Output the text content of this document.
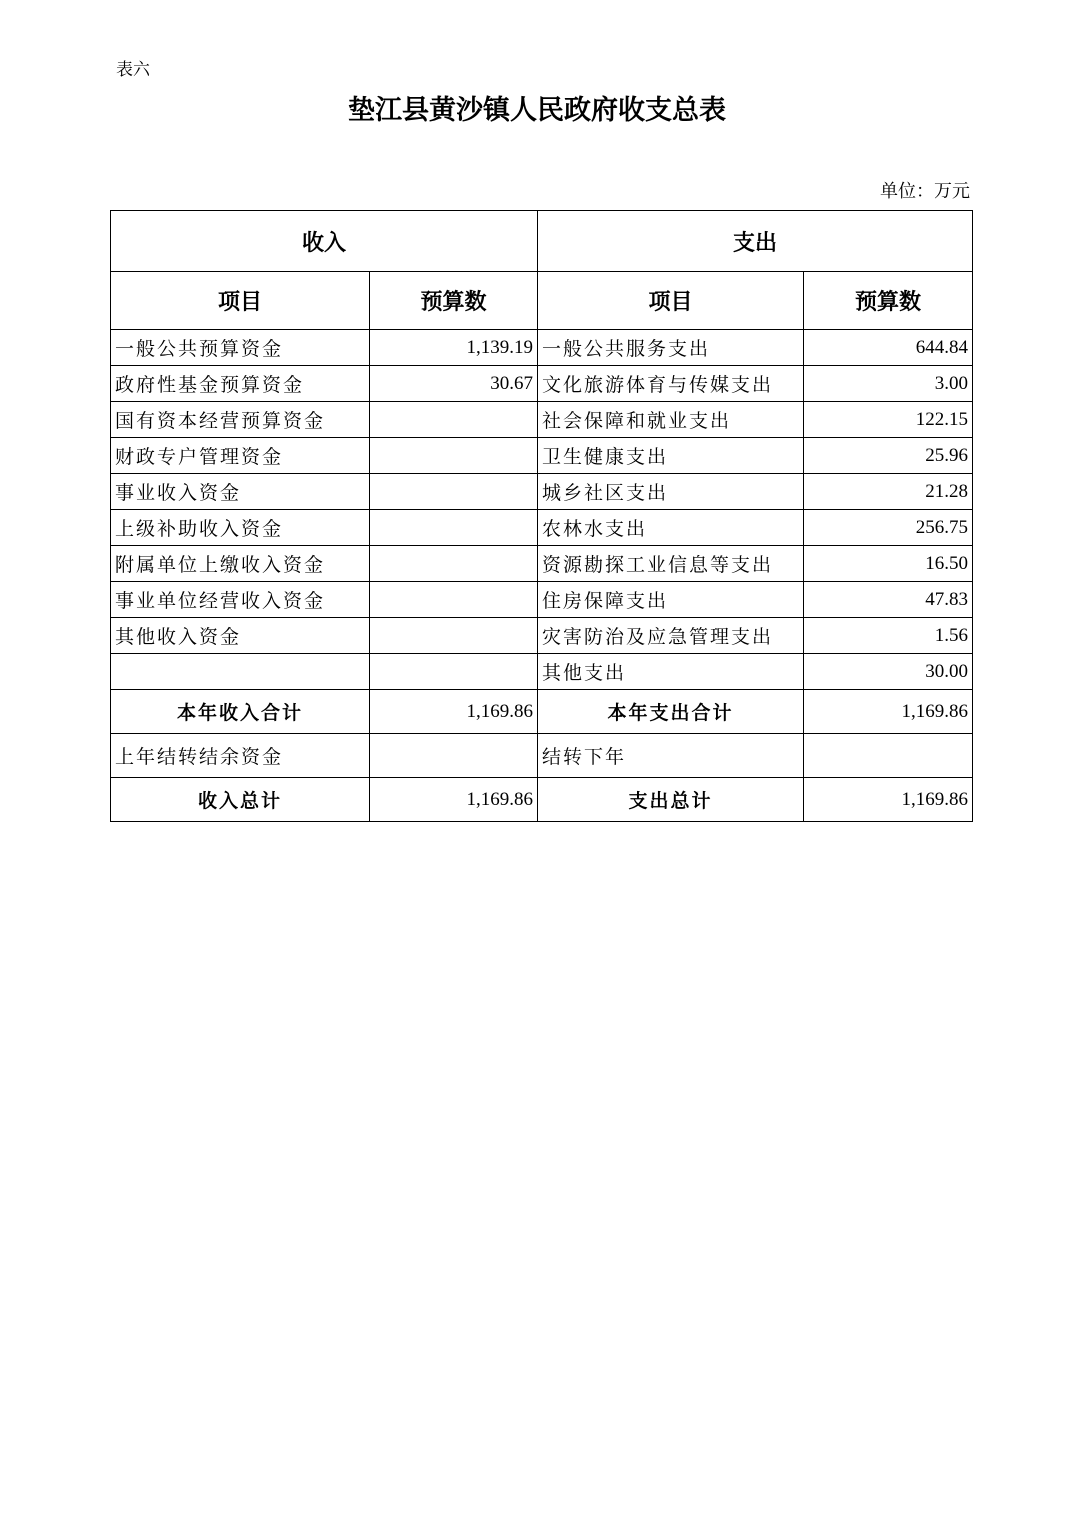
表六
垫江县黄沙镇人民政府收支总表
单位：万元
收入		支出	
项目	预算数	项目	预算数
一般公共预算资金	1,139.19	一般公共服务支出	644.84
政府性基金预算资金	30.67	文化旅游体育与传媒支出	3.00
国有资本经营预算资金		社会保障和就业支出	122.15
财政专户管理资金		卫生健康支出	25.96
事业收入资金		城乡社区支出	21.28
上级补助收入资金		农林水支出	256.75
附属单位上缴收入资金		资源勘探工业信息等支出	16.50
事业单位经营收入资金		住房保障支出	47.83
其他收入资金		灾害防治及应急管理支出	1.56
		其他支出	30.00
本年收入合计	1,169.86	本年支出合计	1,169.86
上年结转结余资金		结转下年	
收入总计	1,169.86	支出总计	1,169.86
